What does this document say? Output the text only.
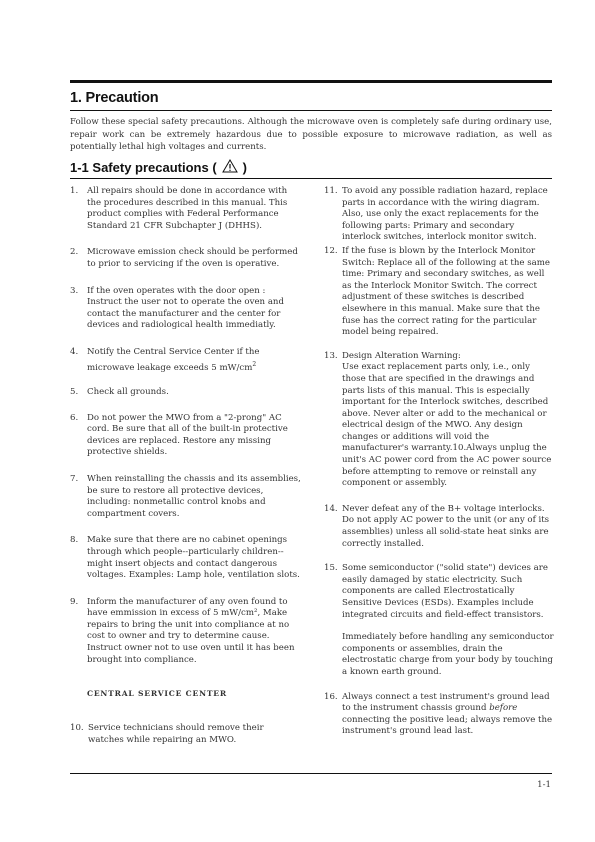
1. Precaution

Follow these special safety precautions. Although the microwave oven is completely safe during ordinary use, repair work can be extremely hazardous due to possible exposure to microwave radiation, as well as potentially lethal high voltages and currents.

1-1 Safety precautions ( )
1. All repairs should be done in accordance with the procedures described in this manual. This product complies with Federal Performance Standard 21 CFR Subchapter J (DHHS).
2. Microwave emission check should be performed to prior to servicing if the oven is operative.
3. If the oven operates with the door open : Instruct the user not to operate the oven and contact the manufacturer and the center for devices and radiological health immediatly.
4. Notify the Central Service Center if the microwave leakage exceeds 5 $mW/cm^2$
5. Check all grounds.
6. Do not power the MWO from a "2-prong" AC cord. Be sure that all of the built-in protective devices are replaced. Restore any missing protective shields.
7. When reinstalling the chassis and its assemblies, be sure to restore all protective devices, including: nonmetallic control knobs and compartment covers.
8. Make sure that there are no cabinet openings through which people--particularly children--might insert objects and contact dangerous voltages. Examples: Lamp hole, ventilation slots.
9. Inform the manufacturer of any oven found to have emmission in excess of 5 mW/cm², Make repairs to bring the unit into compliance at no cost to owner and try to determine cause.
Instruct owner not to use oven until it has been brought into compliance.
CENTRAL SERVICE CENTER
10. Service technicians should remove their watches while repairing an MWO.
11. To avoid any possible radiation hazard, replace parts in accordance with the wiring diagram. Also, use only the exact replacements for the following parts: Primary and secondary interlock switches, interlock monitor switch.
12. If the fuse is blown by the Interlock Monitor Switch: Replace all of the following at the same time: Primary and secondary switches, as well as the Interlock Monitor Switch. The correct adjustment of these switches is described elsewhere in this manual. Make sure that the fuse has the correct rating for the particular model being repaired.
13. Design Alteration Warning:
Use exact replacement parts only, i.e., only those that are specified in the drawings and parts lists of this manual. This is especially important for the Interlock switches, described above. Never alter or add to the mechanical or electrical design of the MWO. Any design changes or additions will void the manufacturer's warranty.10.Always unplug the unit's AC power cord from the AC power source before attempting to remove or reinstall any component or assembly.
14. Never defeat any of the B+ voltage interlocks. Do not apply AC power to the unit (or any of its assemblies) unless all solid-state heat sinks are correctly installed.
15. Some semiconductor ("solid state") devices are easily damaged by static electricity. Such components are called Electrostatically Sensitive Devices (ESDs). Examples include integrated circuits and field-effect transistors.
Immediately before handling any semiconductor components or assemblies, drain the electrostatic charge from your body by touching a known earth ground.
16. Always connect a test instrument's ground lead to the instrument chassis ground before connecting the positive lead; always remove the instrument's ground lead last.
1-1
